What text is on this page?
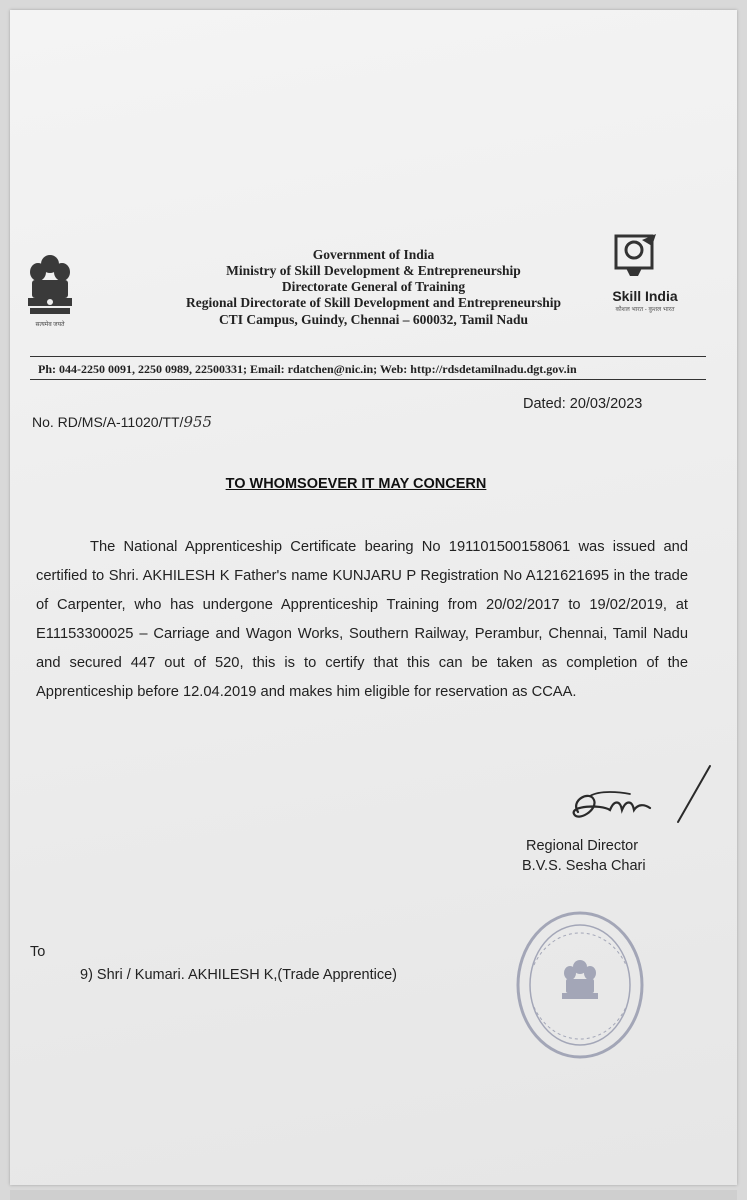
सत्यमेव जयते
Government of India
Ministry of Skill Development & Entrepreneurship
Directorate General of Training
Regional Directorate of Skill Development and Entrepreneurship
CTI Campus, Guindy, Chennai – 600032, Tamil Nadu
Skill India
कौशल भारत - कुशल भारत
Ph: 044-2250 0091, 2250 0989, 22500331; Email: rdatchen@nic.in; Web: http://rdsdetamilnadu.dgt.gov.in
No. RD/MS/A-11020/TT/955
Dated: 20/03/2023
TO WHOMSOEVER IT MAY CONCERN

The National Apprenticeship Certificate bearing No 191101500158061 was issued and certified to Shri. AKHILESH K Father's name KUNJARU P Registration No A121621695 in the trade of Carpenter, who has undergone Apprenticeship Training from 20/02/2017 to 19/02/2019, at E11153300025 – Carriage and Wagon Works, Southern Railway, Perambur, Chennai, Tamil Nadu and secured 447 out of 520, this is to certify that this can be taken as completion of the Apprenticeship before 12.04.2019 and makes him eligible for reservation as CCAA.

Regional Director
B.V.S. Sesha Chari
To
9) Shri / Kumari. AKHILESH K,(Trade Apprentice)
